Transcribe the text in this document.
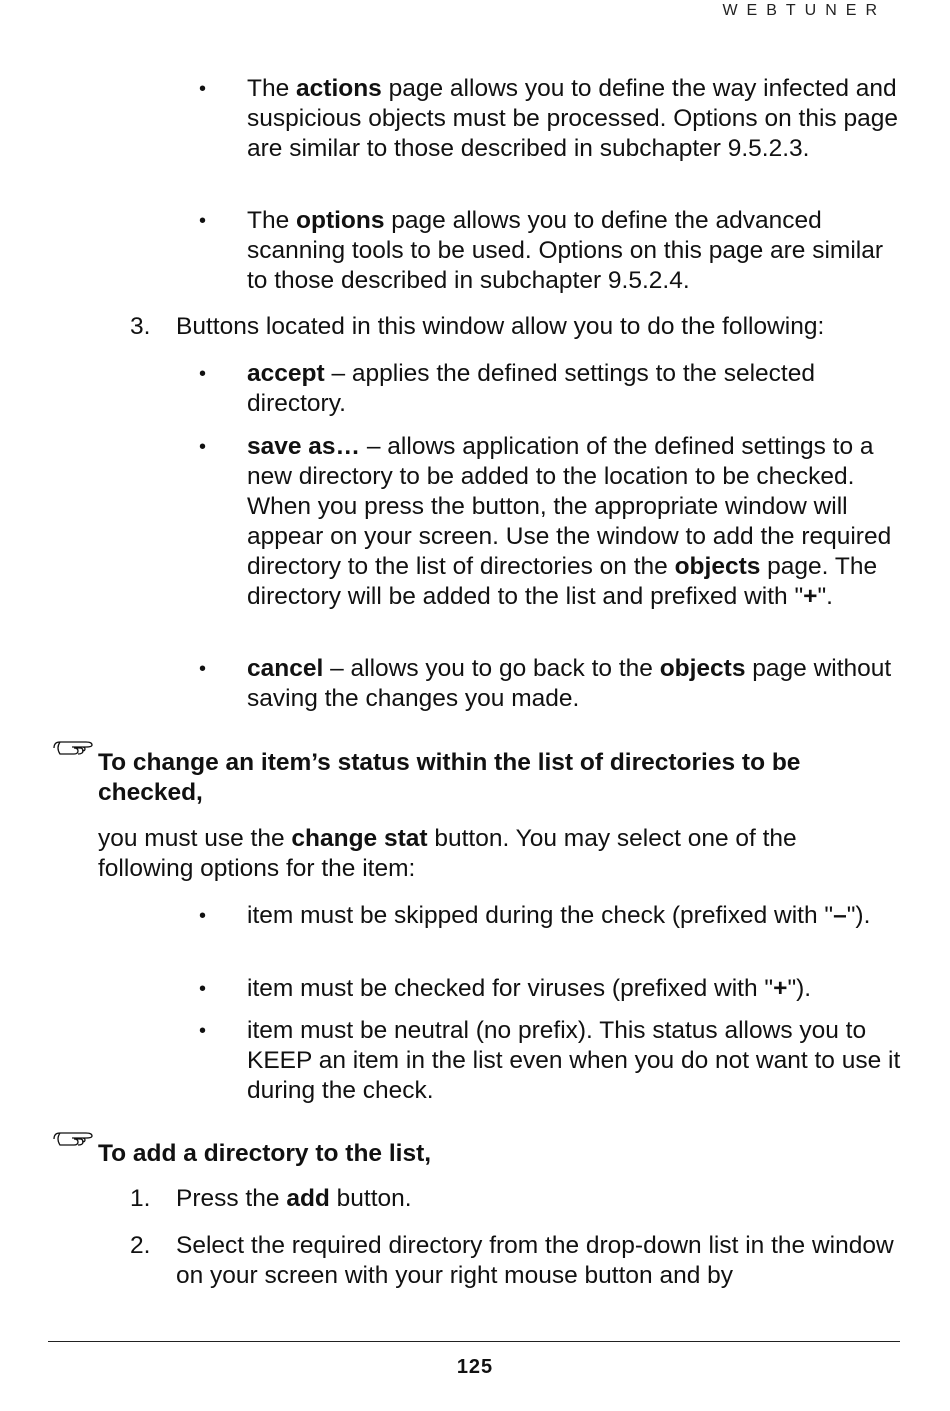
WEBTUNER
• The actions page allows you to define the way infected and suspicious objects must be processed. Options on this page are similar to those described in subchapter 9.5.2.3.
• The options page allows you to define the advanced scanning tools to be used. Options on this page are similar to those described in subchapter 9.5.2.4.
3. Buttons located in this window allow you to do the following:
• accept – applies the defined settings to the selected directory.
• save as… – allows application of the defined settings to a new directory to be added to the location to be checked. When you press the button, the appropriate window will appear on your screen. Use the window to add the required directory to the list of directories on the objects page. The directory will be added to the list and prefixed with "+".
• cancel – allows you to go back to the objects page without saving the changes you made.
To change an item’s status within the list of directories to be checked,
you must use the change stat button. You may select one of the following options for the item:
• item must be skipped during the check (prefixed with "–").
• item must be checked for viruses (prefixed with "+").
• item must be neutral (no prefix). This status allows you to KEEP an item in the list even when you do not want to use it during the check.
To add a directory to the list,
1. Press the add button.
2. Select the required directory from the drop-down list in the window on your screen with your right mouse button and by
125
